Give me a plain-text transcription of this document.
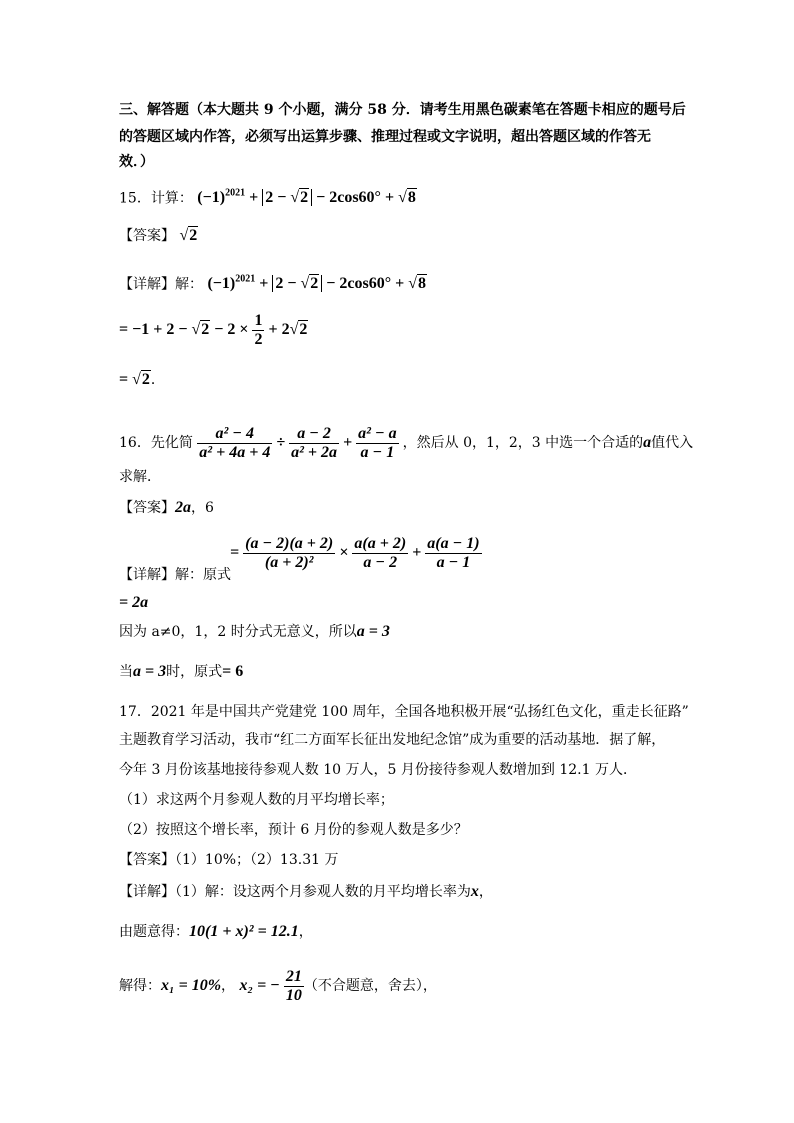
三、解答题（本大题共 9 个小题，满分 58 分．请考生用黑色碳素笔在答题卡相应的题号后
的答题区域内作答，必须写出运算步骤、推理过程或文字说明，超出答题区域的作答无
效．）
15．计算： $(-1)^{2021} + 2 - √2 - 2\cos 60^\circ + √8$
【答案】 √2
【详解】解： $(-1)^{2021} + 2 - √2 - 2\cos 60^\circ + √8$
= $-1 + 2 - √2 - 2 \times \frac{1}{2} + 2√2$
= √2．
16．先化简 $\frac{\text{a² − 4}}{\text{a² + 4a + 4}} \div \frac{a - 2}{\text{a² + 2a}} + \frac{\text{a² − a}}{a - 1}$ ，然后从 0，1，2，3 中选一个合适的a值代入
求解．
【答案】2a，6
= $\frac{(a - 2)(a + 2)}{\text{(a + 2)²}} \times \frac{a(a + 2)}{a - 2} + \frac{a(a - 1)}{a - 1}$
【详解】解：原式
= 2a
因为 a≠0，1，2 时分式无意义，所以a = 3
当a = 3时，原式= 6
17．2021 年是中国共产党建党 100 周年，全国各地积极开展“弘扬红色文化，重走长征路”
主题教育学习活动，我市“红二方面军长征出发地纪念馆”成为重要的活动基地．据了解，
今年 3 月份该基地接待参观人数 10 万人，5 月份接待参观人数增加到 12.1 万人．
（1）求这两个月参观人数的月平均增长率；
（2）按照这个增长率，预计 6 月份的参观人数是多少？
【答案】（1）10%；（2）13.31 万
【详解】（1）解：设这两个月参观人数的月平均增长率为x，
由题意得：10(1 + x)² = 12.1，
解得：x₁ = 10%， x₂ = − $\frac{21}{10}$ （不合题意，舍去），
